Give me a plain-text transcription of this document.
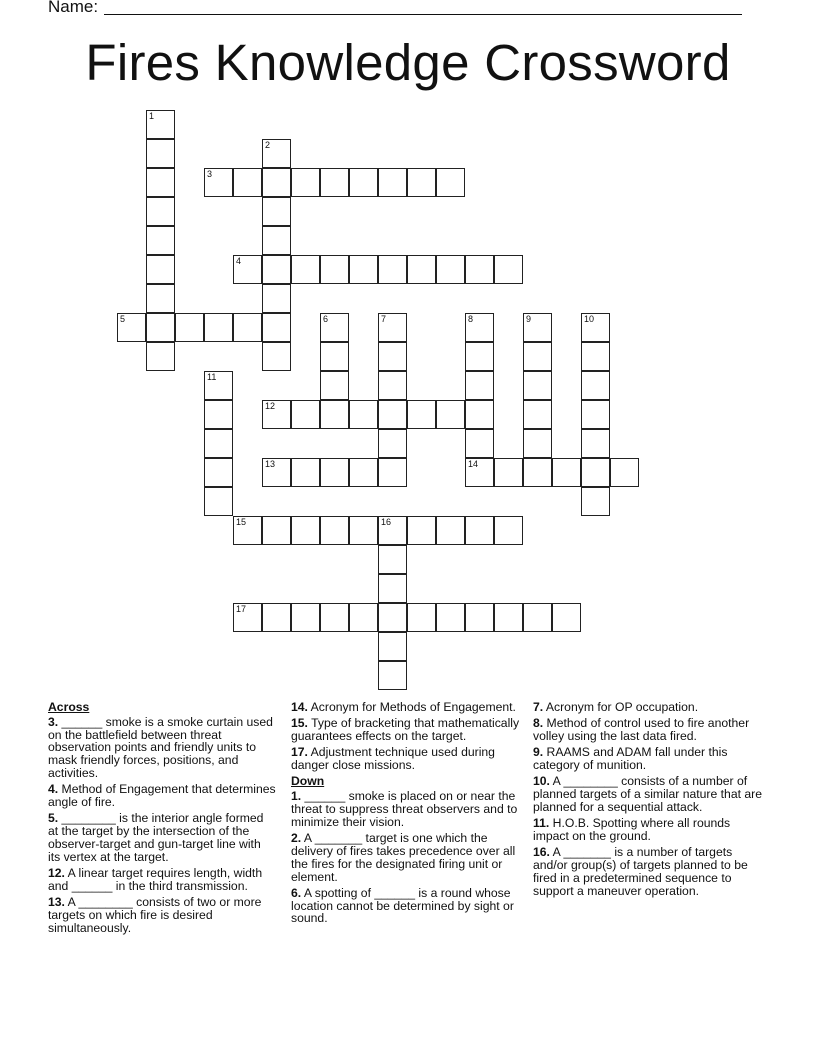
Name:
Fires Knowledge Crossword
1
2
3
4
5	6	7	8
14
9	10
11
12
13
15	16
17
Across
3. ______ smoke is a smoke curtain used on the battlefield between threat observation points and friendly units to mask friendly forces, positions, and activities.
4. Method of Engagement that determines angle of fire.
5. ________ is the interior angle formed at the target by the intersection of the observer-target and gun-target line with its vertex at the target.
12. A linear target requires length, width and ______ in the third transmission.
13. A ________ consists of two or more targets on which fire is desired simultaneously.
14. Acronym for Methods of Engagement.
15. Type of bracketing that mathematically guarantees effects on the target.
17. Adjustment technique used during danger close missions.
Down
1. ______ smoke is placed on or near the threat to suppress threat observers and to minimize their vision.
2. A _______ target is one which the delivery of fires takes precedence over all the fires for the designated firing unit or element.
6. A spotting of ______ is a round whose location cannot be determined by sight or sound.
7. Acronym for OP occupation.
8. Method of control used to fire another volley using the last data fired.
9. RAAMS and ADAM fall under this category of munition.
10. A ________ consists of a number of planned targets of a similar nature that are planned for a sequential attack.
11. H.O.B. Spotting where all rounds impact on the ground.
16. A _______ is a number of targets and/or group(s) of targets planned to be fired in a predetermined sequence to support a maneuver operation.
